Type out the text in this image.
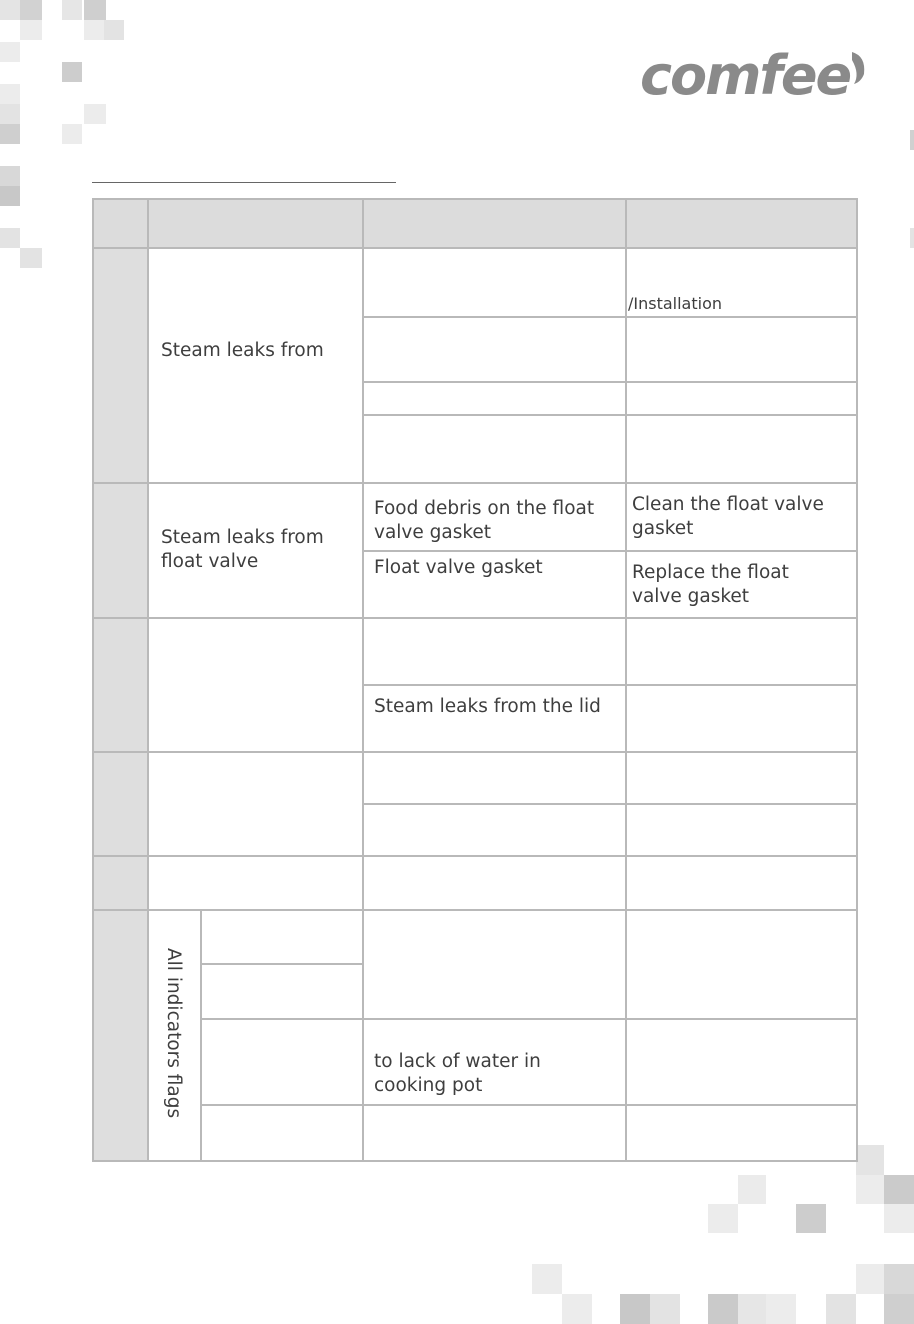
comfee
Steam leaks from
/Installation
Steam leaks from
float valve
Food debris on the float
valve gasket
Clean the float valve
gasket
Float valve gasket	Replace the float
valve gasket
Steam leaks from the lid
All indicators flags	to lack of water in
cooking pot
